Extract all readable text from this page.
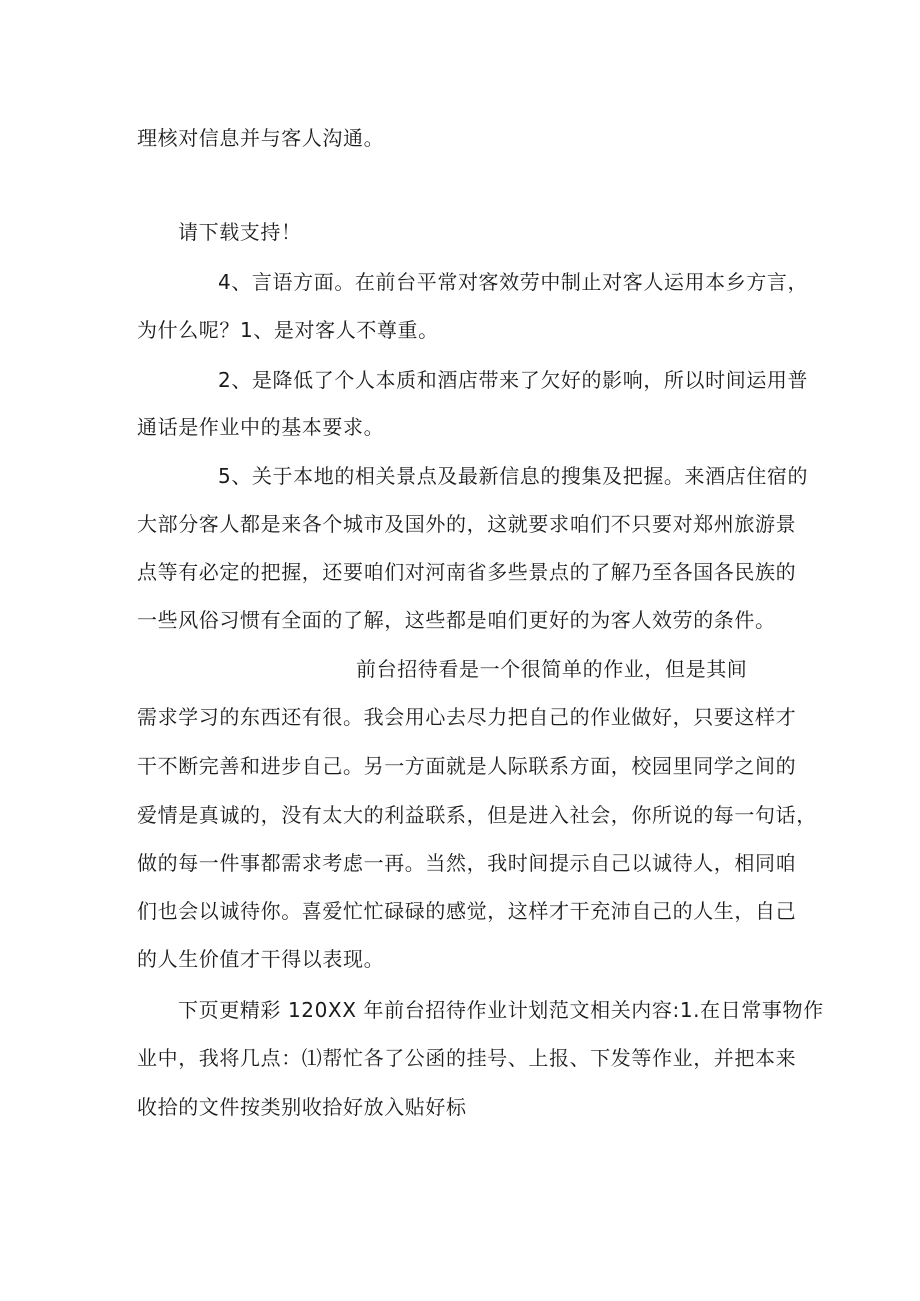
理核对信息并与客人沟通。
请下载支持！
4、言语方面。在前台平常对客效劳中制止对客人运用本乡方言，
为什么呢？1、是对客人不尊重。
2、是降低了个人本质和酒店带来了欠好的影响，所以时间运用普
通话是作业中的基本要求。
5、关于本地的相关景点及最新信息的搜集及把握。来酒店住宿的
大部分客人都是来各个城市及国外的，这就要求咱们不只要对郑州旅游景
点等有必定的把握，还要咱们对河南省多些景点的了解乃至各国各民族的
一些风俗习惯有全面的了解，这些都是咱们更好的为客人效劳的条件。
前台招待看是一个很简单的作业，但是其间
需求学习的东西还有很。我会用心去尽力把自己的作业做好，只要这样才
干不断完善和进步自己。另一方面就是人际联系方面，校园里同学之间的
爱情是真诚的，没有太大的利益联系，但是进入社会，你所说的每一句话，
做的每一件事都需求考虑一再。当然，我时间提示自己以诚待人，相同咱
们也会以诚待你。喜爱忙忙碌碌的感觉，这样才干充沛自己的人生，自己
的人生价值才干得以表现。
下页更精彩 120XX 年前台招待作业计划范文相关内容:1.在日常事物作
业中，我将几点：⑴帮忙各了公函的挂号、上报、下发等作业，并把本来
收拾的文件按类别收拾好放入贴好标
